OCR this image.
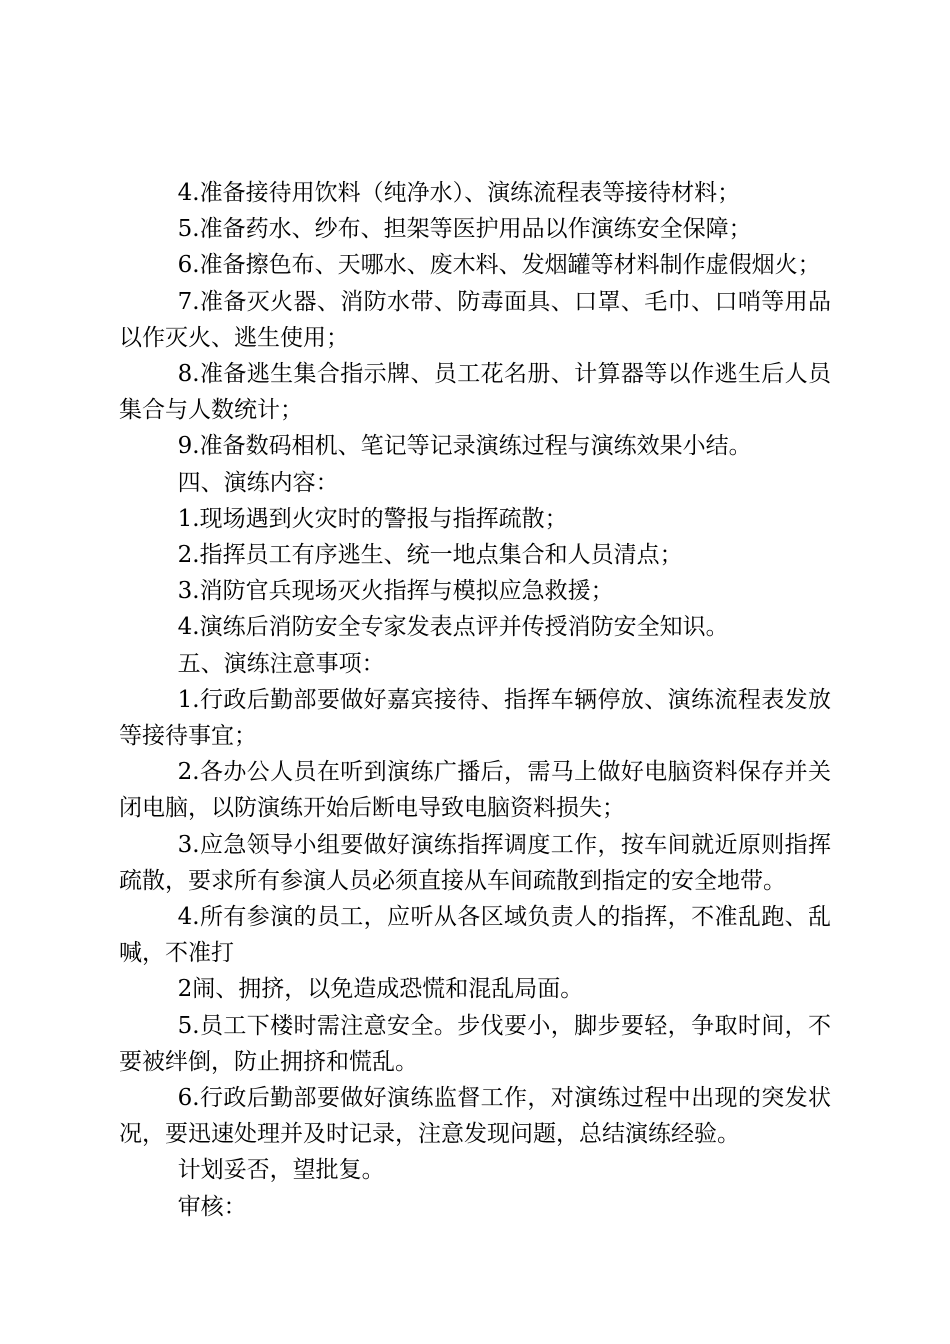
4.准备接待用饮料（纯净水）、演练流程表等接待材料；

5.准备药水、纱布、担架等医护用品以作演练安全保障；

6.准备擦色布、天哪水、废木料、发烟罐等材料制作虚假烟火；

7.准备灭火器、消防水带、防毒面具、口罩、毛巾、口哨等用品以作灭火、逃生使用；

8.准备逃生集合指示牌、员工花名册、计算器等以作逃生后人员集合与人数统计；

9.准备数码相机、笔记等记录演练过程与演练效果小结。

四、演练内容：

1.现场遇到火灾时的警报与指挥疏散；

2.指挥员工有序逃生、统一地点集合和人员清点；

3.消防官兵现场灭火指挥与模拟应急救援；

4.演练后消防安全专家发表点评并传授消防安全知识。

五、演练注意事项：

1.行政后勤部要做好嘉宾接待、指挥车辆停放、演练流程表发放等接待事宜；

2.各办公人员在听到演练广播后，需马上做好电脑资料保存并关闭电脑，以防演练开始后断电导致电脑资料损失；

3.应急领导小组要做好演练指挥调度工作，按车间就近原则指挥疏散，要求所有参演人员必须直接从车间疏散到指定的安全地带。

4.所有参演的员工，应听从各区域负责人的指挥，不准乱跑、乱喊，不准打

2闹、拥挤，以免造成恐慌和混乱局面。

5.员工下楼时需注意安全。步伐要小，脚步要轻，争取时间，不要被绊倒，防止拥挤和慌乱。

6.行政后勤部要做好演练监督工作，对演练过程中出现的突发状况，要迅速处理并及时记录，注意发现问题，总结演练经验。

计划妥否，望批复。

审核：
